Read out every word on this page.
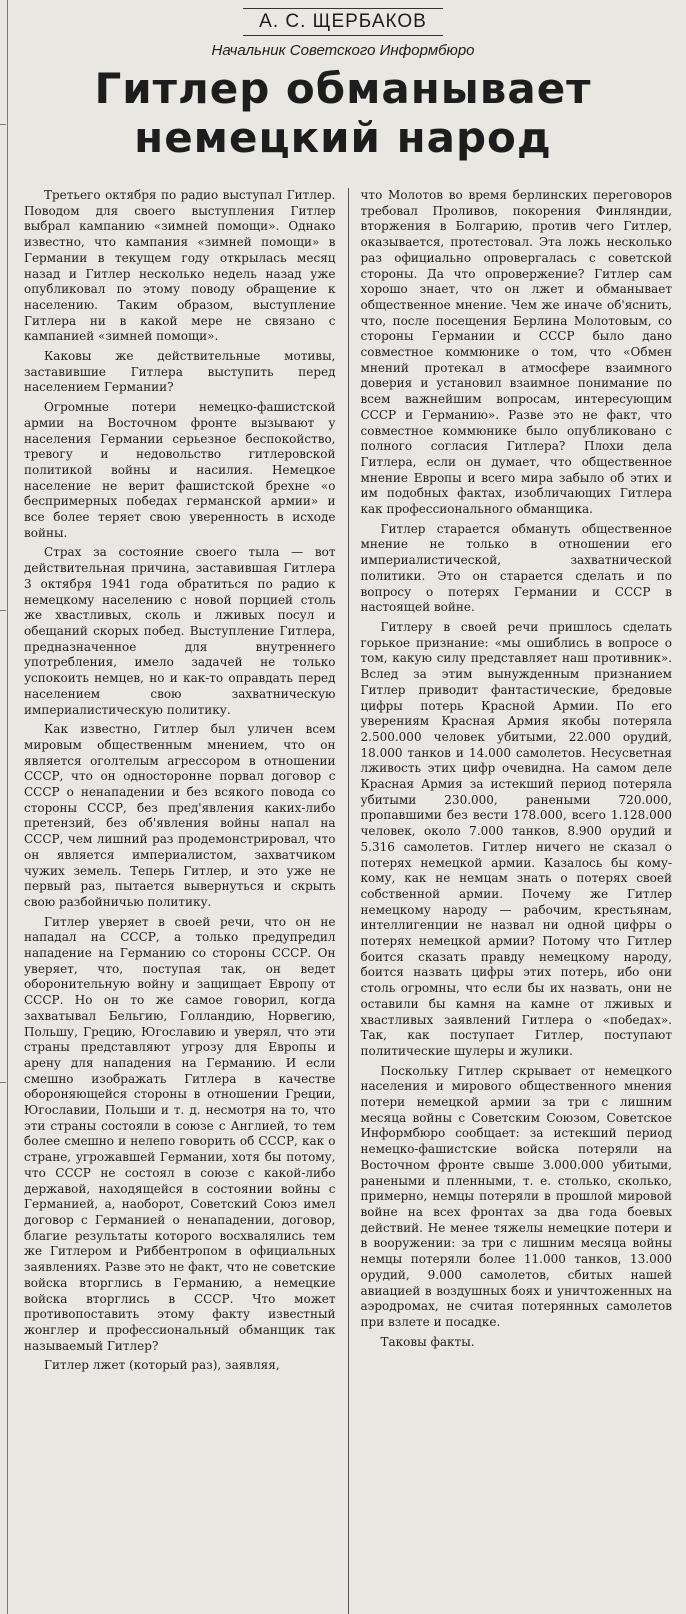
А. С. ЩЕРБАКОВ
Начальник Советского Информбюро
Гитлер обманывает
немецкий народ

Третьего октября по радио выступал Гитлер. Поводом для своего выступления Гитлер выбрал кампанию «зимней помощи». Однако известно, что кампания «зимней помощи» в Германии в текущем году открылась месяц назад и Гитлер несколько недель назад уже опубликовал по этому поводу обращение к населению. Таким образом, выступление Гитлера ни в какой мере не связано с кампанией «зимней помощи».

Каковы же действительные мотивы, заставившие Гитлера выступить перед населением Германии?

Огромные потери немецко-фашистской армии на Восточном фронте вызывают у населения Германии серьезное беспокойство, тревогу и недовольство гитлеровской политикой войны и насилия. Немецкое население не верит фашистской брехне «о беспримерных победах германской армии» и все более теряет свою уверенность в исходе войны.

Страх за состояние своего тыла — вот действительная причина, заставившая Гитлера 3 октября 1941 года обратиться по радио к немецкому населению с новой порцией столь же хвастливых, сколь и лживых посул и обещаний скорых побед. Выступление Гитлера, предназначенное для внутреннего употребления, имело задачей не только успокоить немцев, но и как-то оправдать перед населением свою захватническую империалистическую политику.

Как известно, Гитлер был уличен всем мировым общественным мнением, что он является оголтелым агрессором в отношении СССР, что он односторонне порвал договор с СССР о ненападении и без всякого повода со стороны СССР, без пред'явления каких-либо претензий, без об'явления войны напал на СССР, чем лишний раз продемонстрировал, что он является империалистом, захватчиком чужих земель. Теперь Гитлер, и это уже не первый раз, пытается вывернуться и скрыть свою разбойничью политику.

Гитлер уверяет в своей речи, что он не нападал на СССР, а только предупредил нападение на Германию со стороны СССР. Он уверяет, что, поступая так, он ведет оборонительную войну и защищает Европу от СССР. Но он то же самое говорил, когда захватывал Бельгию, Голландию, Норвегию, Польшу, Грецию, Югославию и уверял, что эти страны представляют угрозу для Европы и арену для нападения на Германию. И если смешно изображать Гитлера в качестве обороняющейся стороны в отношении Греции, Югославии, Польши и т. д. несмотря на то, что эти страны состояли в союзе с Англией, то тем более смешно и нелепо говорить об СССР, как о стране, угрожавшей Германии, хотя бы потому, что СССР не состоял в союзе с какой-либо державой, находящейся в состоянии войны с Германией, а, наоборот, Советский Союз имел договор с Германией о ненападении, договор, благие результаты которого восхвалялись тем же Гитлером и Риббентропом в официальных заявлениях. Разве это не факт, что не советские войска вторглись в Германию, а немецкие войска вторглись в СССР. Что может противопоставить этому факту известный жонглер и профессиональный обманщик так называемый Гитлер?

Гитлер лжет (который раз), заявляя,

что Молотов во время берлинских переговоров требовал Проливов, покорения Финляндии, вторжения в Болгарию, против чего Гитлер, оказывается, протестовал. Эта ложь несколько раз официально опровергалась с советской стороны. Да что опровержение? Гитлер сам хорошо знает, что он лжет и обманывает общественное мнение. Чем же иначе об'яснить, что, после посещения Берлина Молотовым, со стороны Германии и СССР было дано совместное коммюнике о том, что «Обмен мнений протекал в атмосфере взаимного доверия и установил взаимное понимание по всем важнейшим вопросам, интересующим СССР и Германию». Разве это не факт, что совместное коммюнике было опубликовано с полного согласия Гитлера? Плохи дела Гитлера, если он думает, что общественное мнение Европы и всего мира забыло об этих и им подобных фактах, изобличающих Гитлера как профессионального обманщика.

Гитлер старается обмануть общественное мнение не только в отношении его империалистической, захватнической политики. Это он старается сделать и по вопросу о потерях Германии и СССР в настоящей войне.

Гитлеру в своей речи пришлось сделать горькое признание: «мы ошиблись в вопросе о том, какую силу представляет наш противник». Вслед за этим вынужденным признанием Гитлер приводит фантастические, бредовые цифры потерь Красной Армии. По его уверениям Красная Армия якобы потеряла 2.500.000 человек убитыми, 22.000 орудий, 18.000 танков и 14.000 самолетов. Несусветная лживость этих цифр очевидна. На самом деле Красная Армия за истекший период потеряла убитыми 230.000, ранеными 720.000, пропавшими без вести 178.000, всего 1.128.000 человек, около 7.000 танков, 8.900 орудий и 5.316 самолетов. Гитлер ничего не сказал о потерях немецкой армии. Казалось бы кому-кому, как не немцам знать о потерях своей собственной армии. Почему же Гитлер немецкому народу — рабочим, крестьянам, интеллигенции не назвал ни одной цифры о потерях немецкой армии? Потому что Гитлер боится сказать правду немецкому народу, боится назвать цифры этих потерь, ибо они столь огромны, что если бы их назвать, они не оставили бы камня на камне от лживых и хвастливых заявлений Гитлера о «победах». Так, как поступает Гитлер, поступают политические шулеры и жулики.

Поскольку Гитлер скрывает от немецкого населения и мирового общественного мнения потери немецкой армии за три с лишним месяца войны с Советским Союзом, Советское Информбюро сообщает: за истекший период немецко-фашистские войска потеряли на Восточном фронте свыше 3.000.000 убитыми, ранеными и пленными, т. е. столько, сколько, примерно, немцы потеряли в прошлой мировой войне на всех фронтах за два года боевых действий. Не менее тяжелы немецкие потери и в вооружении: за три с лишним месяца войны немцы потеряли более 11.000 танков, 13.000 орудий, 9.000 самолетов, сбитых нашей авиацией в воздушных боях и уничтоженных на аэродромах, не считая потерянных самолетов при взлете и посадке.

Таковы факты.
